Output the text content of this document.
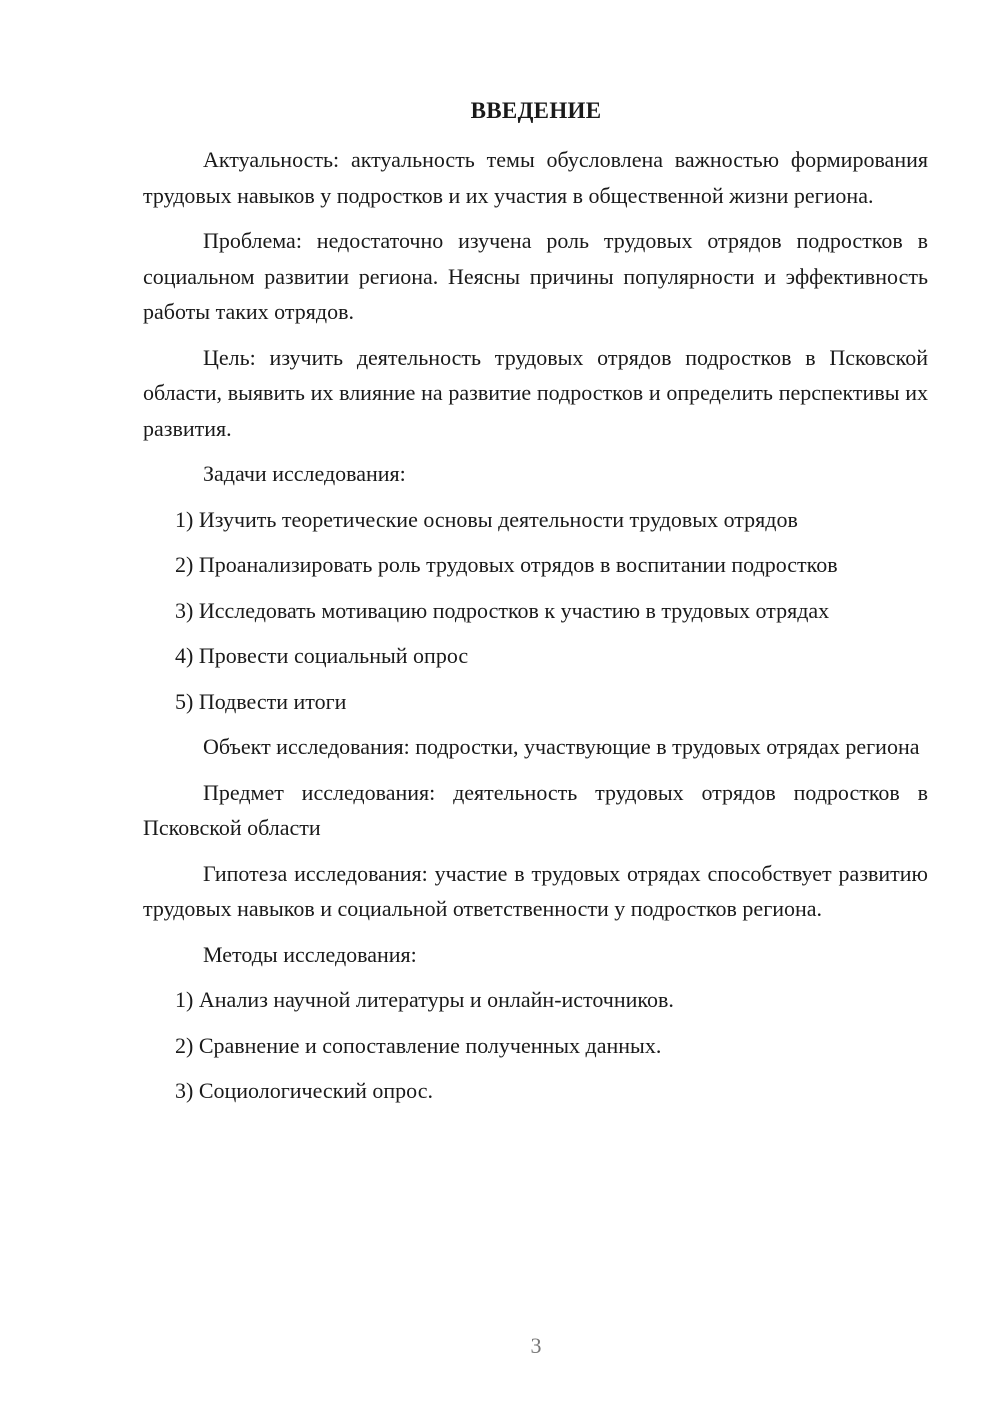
ВВЕДЕНИЕ

Актуальность: актуальность темы обусловлена важностью формирования трудовых навыков у подростков и их участия в общественной жизни региона.

Проблема: недостаточно изучена роль трудовых отрядов подростков в социальном развитии региона. Неясны причины популярности и эффективность работы таких отрядов.

Цель: изучить деятельность трудовых отрядов подростков в Псковской области, выявить их влияние на развитие подростков и определить перспективы их развития.

Задачи исследования:

1) Изучить теоретические основы деятельности трудовых отрядов

2) Проанализировать роль трудовых отрядов в воспитании подростков

3) Исследовать мотивацию подростков к участию в трудовых отрядах

4) Провести социальный опрос

5) Подвести итоги

Объект исследования: подростки, участвующие в трудовых отрядах региона

Предмет исследования: деятельность трудовых отрядов подростков в Псковской области

Гипотеза исследования: участие в трудовых отрядах способствует развитию трудовых навыков и социальной ответственности у подростков региона.

Методы исследования:

1) Анализ научной литературы и онлайн-источников.

2) Сравнение и сопоставление полученных данных.

3) Социологический опрос.

3
